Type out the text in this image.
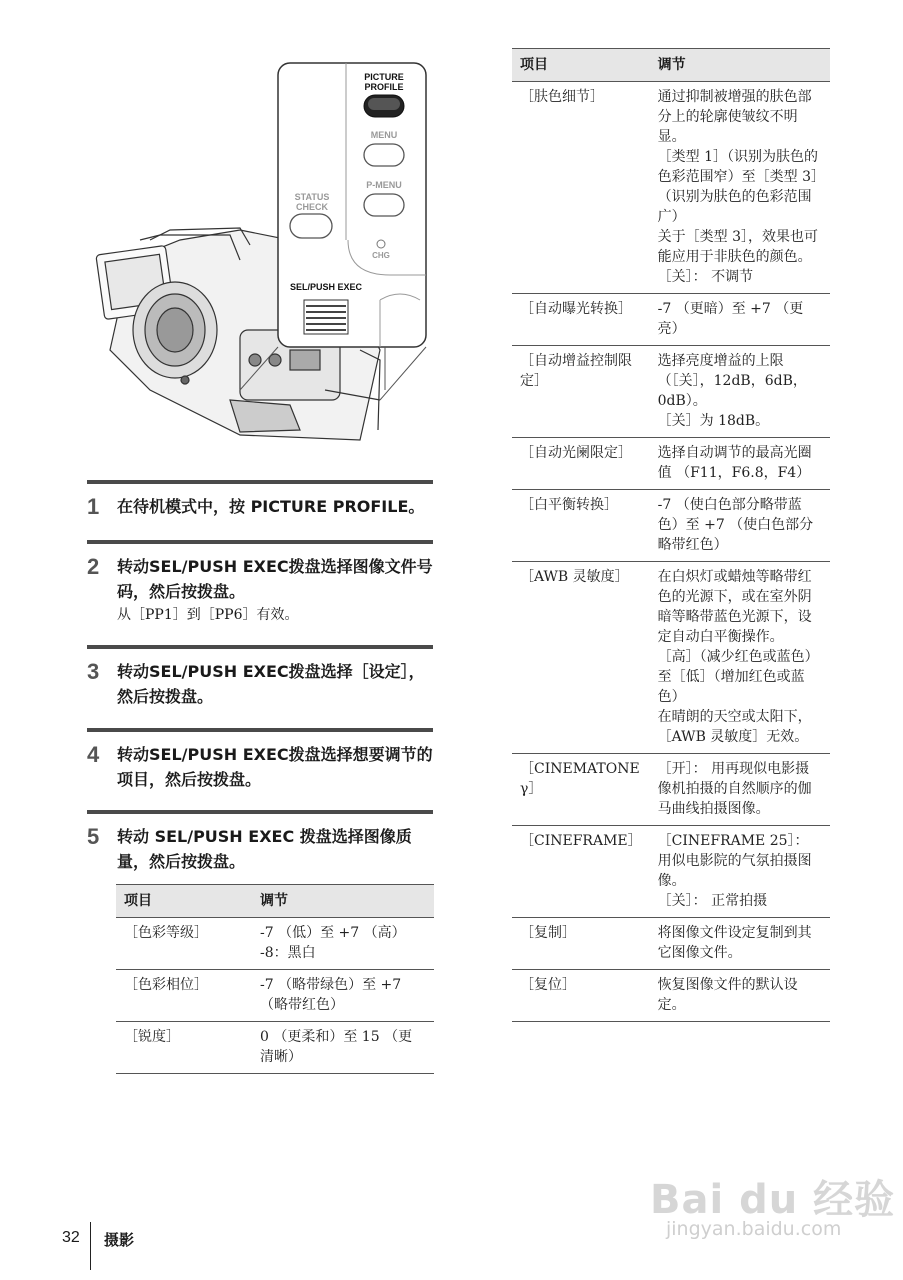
PICTURE
PROFILE
MENU
STATUS
CHECK
P-MENU
CHG
SEL/PUSH EXEC
1 在待机模式中，按 PICTURE PROFILE。
2 转动SEL/PUSH EXEC拨盘选择图像文件号码，然后按拨盘。
从［PP1］到［PP6］有效。
3 转动SEL/PUSH EXEC拨盘选择［设定］，然后按拨盘。
4 转动SEL/PUSH EXEC拨盘选择想要调节的项目，然后按拨盘。
5 转动 SEL/PUSH EXEC 拨盘选择图像质量，然后按拨盘。
项目	调节
［色彩等级］	-7 （低）至 +7 （高）
-8：黑白

［色彩相位］	-7 （略带绿色）至 +7 （略带红色）
［锐度］	0 （更柔和）至 15 （更清晰）
项目	调节
［肤色细节］	通过抑制被增强的肤色部分上的轮廓使皱纹不明显。
［类型 1］（识别为肤色的色彩范围窄）至［类型 3］（识别为肤色的色彩范围广）
关于［类型 3］，效果也可能应用于非肤色的颜色。
［关］： 不调节
［自动曝光转换］	-7 （更暗）至 +7 （更亮）
［自动增益控制限定］	选择亮度增益的上限（［关］，12dB，6dB，0dB）。
［关］为 18dB。
［自动光阑限定］	选择自动调节的最高光圈值 （F11，F6.8，F4）
［白平衡转换］	-7 （使白色部分略带蓝色）至 +7 （使白色部分略带红色）
［AWB 灵敏度］	在白炽灯或蜡烛等略带红色的光源下，或在室外阴暗等略带蓝色光源下，设定自动白平衡操作。
［高］（减少红色或蓝色）至［低］（增加红色或蓝色）
在晴朗的天空或太阳下，［AWB 灵敏度］无效。
［CINEMATONE γ］	［开］： 用再现似电影摄像机拍摄的自然顺序的伽马曲线拍摄图像。
［CINEFRAME］	［CINEFRAME 25］：
用似电影院的气氛拍摄图像。
［关］： 正常拍摄
［复制］	将图像文件设定复制到其它图像文件。
［复位］	恢复图像文件的默认设定。
Bai du 经验
jingyan.baidu.com
32 摄影
